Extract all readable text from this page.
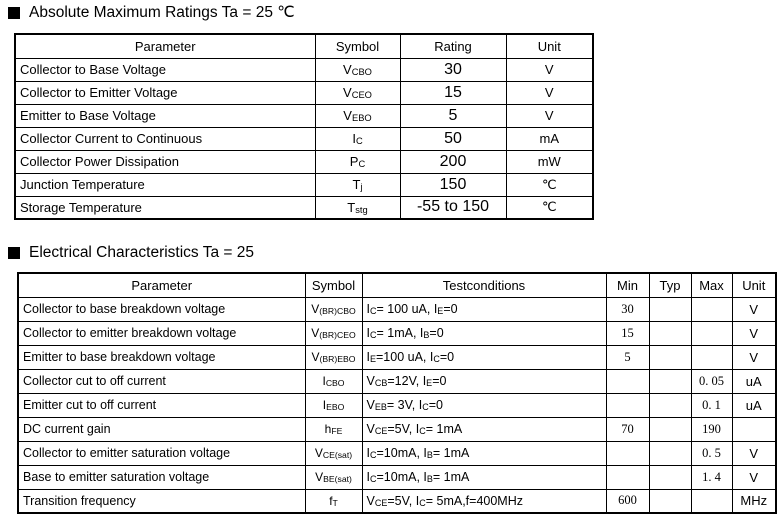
Absolute Maximum Ratings Ta = 25 ℃
Parameter	Symbol	Rating	Unit
Collector to Base Voltage	VCBO	30	V
Collector to Emitter Voltage	VCEO	15	V
Emitter to Base Voltage	VEBO	5	V
Collector Current to Continuous	IC	50	mA
Collector Power Dissipation	PC	200	mW
Junction Temperature	Tj	150	℃
Storage Temperature	Tstg	-55 to 150	℃
Electrical Characteristics Ta = 25
Parameter	Symbol	Testconditions	Min	Typ	Max	Unit
Collector to base breakdown voltage	V(BR)CBO	IC= 100 uA, IE=0	30			V
Collector to emitter breakdown voltage	V(BR)CEO	IC= 1mA, IB=0	15			V
Emitter to base breakdown voltage	V(BR)EBO	IE=100 uA, IC=0	5			V
Collector cut to off current	ICBO	VCB=12V, IE=0			0. 05	uA
Emitter cut to off current	IEBO	VEB= 3V, IC=0			0. 1	uA
DC current gain	hFE	VCE=5V, IC= 1mA	70		190	
Collector to emitter saturation voltage	VCE(sat)	IC=10mA, IB= 1mA			0. 5	V
Base to emitter saturation voltage	VBE(sat)	IC=10mA, IB= 1mA			1. 4	V
Transition frequency	fT	VCE=5V, IC= 5mA,f=400MHz	600			MHz
